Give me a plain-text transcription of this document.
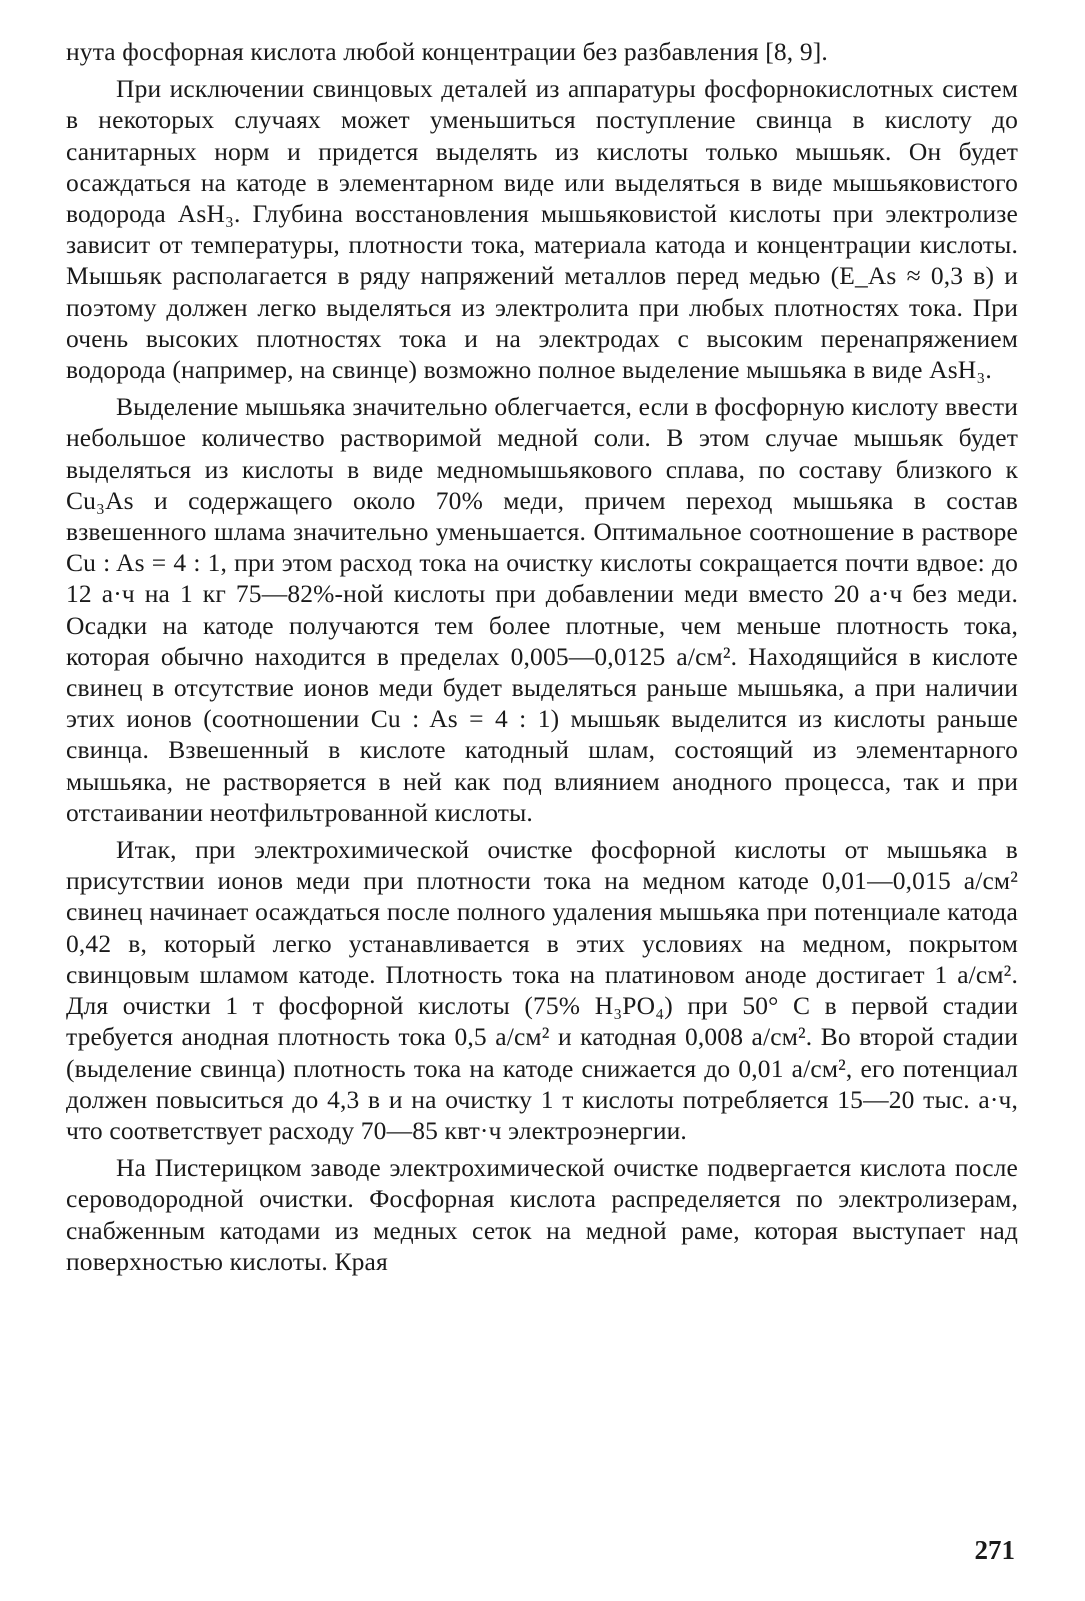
нута фосфорная кислота любой концентрации без разбавления [8, 9].

При исключении свинцовых деталей из аппаратуры фосфорнокислотных систем в некоторых случаях может уменьшиться поступление свинца в кислоту до санитарных норм и придется выделять из кислоты только мышьяк. Он будет осаждаться на катоде в элементарном виде или выделяться в виде мышьяковистого водорода AsH₃. Глубина восстановления мышьяковистой кислоты при электролизе зависит от температуры, плотности тока, материала катода и концентрации кислоты. Мышьяк располагается в ряду напряжений металлов перед медью (E_As ≈ 0,3 в) и поэтому должен легко выделяться из электролита при любых плотностях тока. При очень высоких плотностях тока и на электродах с высоким перенапряжением водорода (например, на свинце) возможно полное выделение мышьяка в виде AsH₃.

Выделение мышьяка значительно облегчается, если в фосфорную кислоту ввести небольшое количество растворимой медной соли. В этом случае мышьяк будет выделяться из кислоты в виде медномышьякового сплава, по составу близкого к Cu₃As и содержащего около 70% меди, причем переход мышьяка в состав взвешенного шлама значительно уменьшается. Оптимальное соотношение в растворе Cu : As = 4 : 1, при этом расход тока на очистку кислоты сокращается почти вдвое: до 12 а·ч на 1 кг 75—82%-ной кислоты при добавлении меди вместо 20 а·ч без меди. Осадки на катоде получаются тем более плотные, чем меньше плотность тока, которая обычно находится в пределах 0,005—0,0125 а/см². Находящийся в кислоте свинец в отсутствие ионов меди будет выделяться раньше мышьяка, а при наличии этих ионов (соотношении Cu : As = 4 : 1) мышьяк выделится из кислоты раньше свинца. Взвешенный в кислоте катодный шлам, состоящий из элементарного мышьяка, не растворяется в ней как под влиянием анодного процесса, так и при отстаивании неотфильтрованной кислоты.

Итак, при электрохимической очистке фосфорной кислоты от мышьяка в присутствии ионов меди при плотности тока на медном катоде 0,01—0,015 а/см² свинец начинает осаждаться после полного удаления мышьяка при потенциале катода 0,42 в, который легко устанавливается в этих условиях на медном, покрытом свинцовым шламом катоде. Плотность тока на платиновом аноде достигает 1 а/см². Для очистки 1 т фосфорной кислоты (75% H₃PO₄) при 50° C в первой стадии требуется анодная плотность тока 0,5 а/см² и катодная 0,008 а/см². Во второй стадии (выделение свинца) плотность тока на катоде снижается до 0,01 а/см², его потенциал должен повыситься до 4,3 в и на очистку 1 т кислоты потребляется 15—20 тыс. а·ч, что соответствует расходу 70—85 квт·ч электроэнергии.

На Пистерицком заводе электрохимической очистке подвергается кислота после сероводородной очистки. Фосфорная кислота распределяется по электролизерам, снабженным катодами из медных сеток на медной раме, которая выступает над поверхностью кислоты. Края

271
